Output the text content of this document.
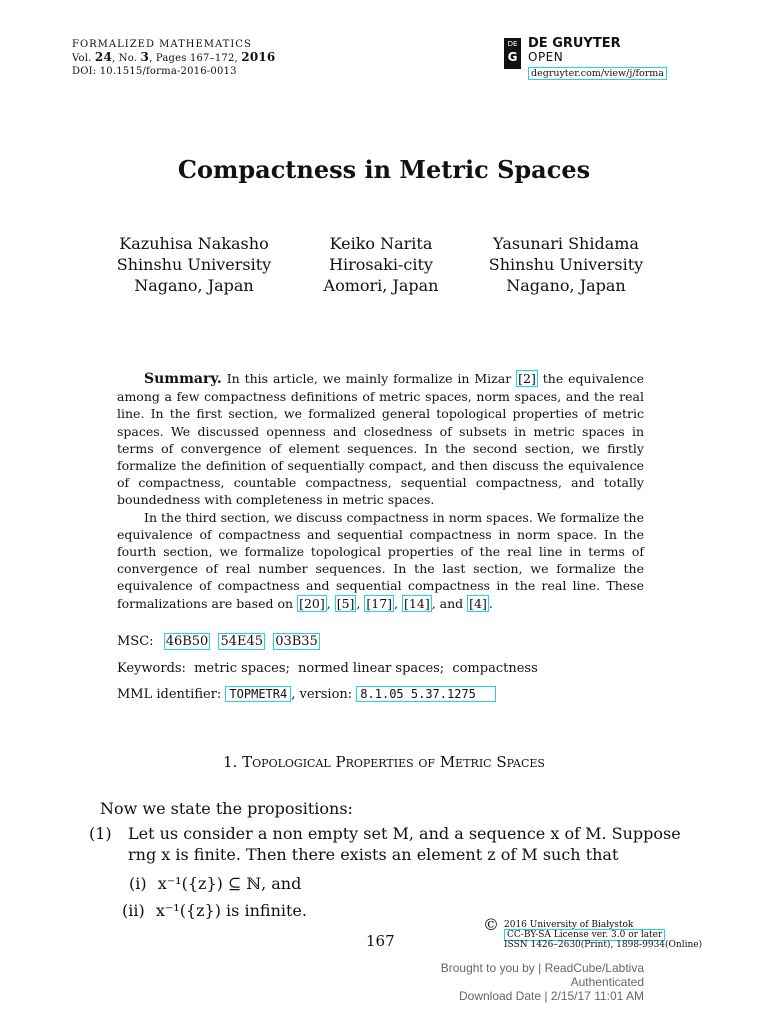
FORMALIZED MATHEMATICS
Vol. 24, No. 3, Pages 167–172, 2016
DOI: 10.1515/forma-2016-0013
DE
G
DE GRUYTER
OPEN
degruyter.com/view/j/forma
Compactness in Metric Spaces
Kazuhisa Nakasho
Shinshu University
Nagano, Japan
Keiko Narita
Hirosaki-city
Aomori, Japan
Yasunari Shidama
Shinshu University
Nagano, Japan

Summary. In this article, we mainly formalize in Mizar [2] the equivalence among a few compactness definitions of metric spaces, norm spaces, and the real line. In the first section, we formalized general topological properties of metric spaces. We discussed openness and closedness of subsets in metric spaces in terms of convergence of element sequences. In the second section, we firstly formalize the definition of sequentially compact, and then discuss the equivalence of compactness, countable compactness, sequential compactness, and totally boundedness with completeness in metric spaces.

In the third section, we discuss compactness in norm spaces. We formalize the equivalence of compactness and sequential compactness in norm space. In the fourth section, we formalize topological properties of the real line in terms of convergence of real number sequences. In the last section, we formalize the equivalence of compactness and sequential compactness in the real line. These formalizations are based on [20] , [5] , [17] , [14] , and [4] .

MSC: 46B50 54E45 03B35
Keywords: metric spaces; normed linear spaces; compactness
MML identifier: TOPMETR4 , version: 8.1.05 5.37.1275
1. Topological Properties of Metric Spaces
Now we state the propositions:
(1) Let us consider a non empty set M, and a sequence x of M. Suppose
rng x is finite. Then there exists an element z of M such that
(i) x⁻¹({z}) ⊆ ℕ, and
(ii) x⁻¹({z}) is infinite.
167
© 2016 University of Białystok
CC-BY-SA License ver. 3.0 or later
ISSN 1426–2630(Print), 1898-9934(Online)
Brought to you by | ReadCube/Labtiva
Authenticated
Download Date | 2/15/17 11:01 AM
